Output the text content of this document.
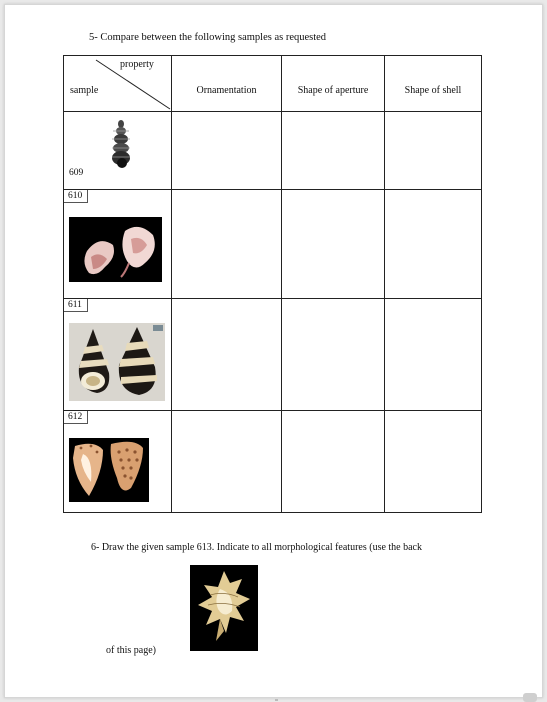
5- Compare between the following samples as requested
property
sample	Ornamentation	Shape of aperture	Shape of shell

609			

610			

611			

612			

6- Draw the given sample 613. Indicate to all morphological features (use the back
of this page)
